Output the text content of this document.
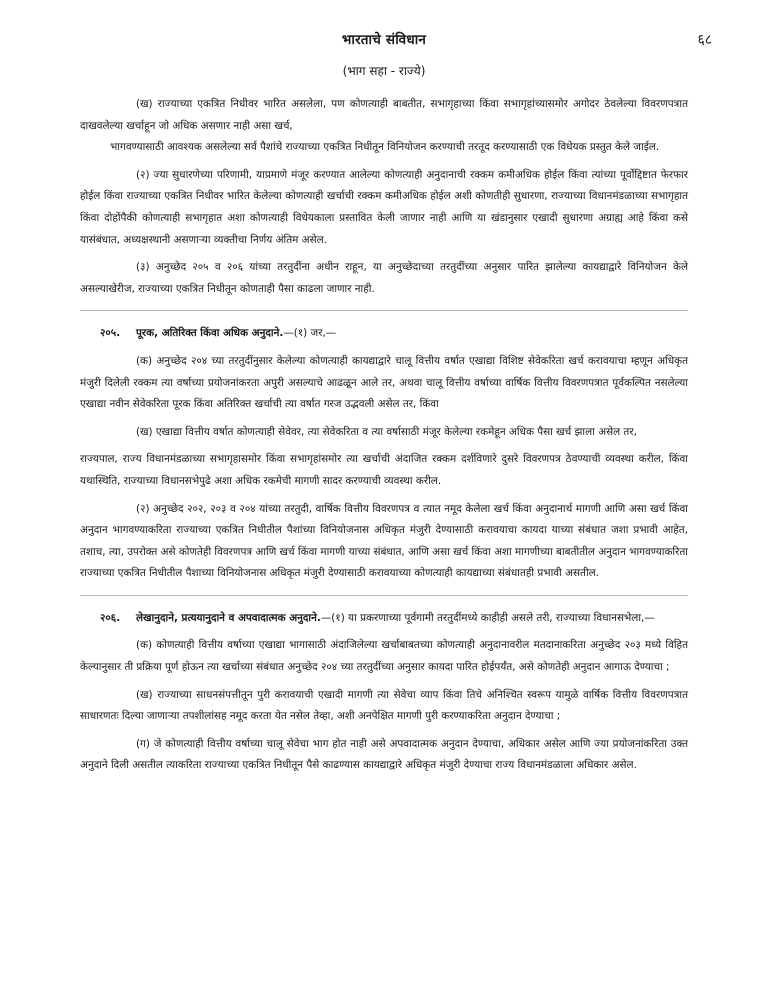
भारताचे संविधान	६८
(भाग सहा - राज्ये)

(ख) राज्याच्या एकत्रित निधीवर भारित असलेला, पण कोणत्याही बाबतीत, सभागृहाच्या किंवा सभागृहांच्यासमोर अगोदर ठेवलेल्या विवरणपत्रात दाखवलेल्या खर्चाहून जो अधिक असणार नाही असा खर्च,

भागवण्यासाठी आवश्यक असलेल्या सर्व पैशांचे राज्याच्या एकत्रित निधीतून विनियोजन करण्याची तरतूद करण्यासाठी एक विधेयक प्रस्तुत केले जाईल.

(२) ज्या सुधारणेच्या परिणामी, याप्रमाणे मंजूर करण्यात आलेल्या कोणत्याही अनुदानाची रक्कम कमीअधिक होईल किंवा त्यांच्या पूर्वोद्दिष्टात फेरफार होईल किंवा राज्याच्या एकत्रित निधीवर भारित केलेल्या कोणत्याही खर्चाची रक्कम कमीअधिक होईल अशी कोणतीही सुधारणा, राज्याच्या विधानमंडळाच्या सभागृहात किंवा दोहोंपैकी कोणत्याही सभागृहात अशा कोणत्याही विधेयकाला प्रस्तावित केली जाणार नाही आणि या खंडानुसार एखादी सुधारणा अग्राह्य आहे किंवा कसे यासंबंधात, अध्यक्षस्थानी असणाऱ्या व्यक्तीचा निर्णय अंतिम असेल.

(३) अनुच्छेद २०५ व २०६ यांच्या तरतुदींना अधीन राहून, या अनुच्छेदाच्या तरतुदींच्या अनुसार पारित झालेल्या कायद्याद्वारे विनियोजन केले असल्याखेरीज, राज्याच्या एकत्रित निधीतून कोणताही पैसा काढला जाणार नाही.

२०५. पूरक, अतिरिक्त किंवा अधिक अनुदाने.—(१) जर,—

(क) अनुच्छेद २०४ च्या तरतुदींनुसार केलेल्या कोणत्याही कायद्याद्वारे चालू वित्तीय वर्षात एखाद्या विशिष्ट सेवेकरिता खर्च करावयाचा म्हणून अधिकृत मंजुरी दिलेली रक्कम त्या वर्षाच्या प्रयोजनांकरता अपुरी असल्याचे आढळून आले तर, अथवा चालू वित्तीय वर्षाच्या वार्षिक वित्तीय विवरणपत्रात पूर्वकल्पित नसलेल्या एखाद्या नवीन सेवेकरिता पूरक किंवा अतिरिक्त खर्चाची त्या वर्षात गरज उद्भवली असेल तर, किंवा

(ख) एखाद्या वित्तीय वर्षात कोणत्याही सेवेवर, त्या सेवेकरिता व त्या वर्षासाठी मंजूर केलेल्या रकमेहून अधिक पैसा खर्च झाला असेल तर,

राज्यपाल, राज्य विधानमंडळाच्या सभागृहासमोर किंवा सभागृहांसमोर त्या खर्चाची अंदाजित रक्कम दर्शविणारे दुसरे विवरणपत्र ठेवण्याची व्यवस्था करील, किंवा यथास्थिति, राज्याच्या विधानसभेपुढे अशा अधिक रकमेची मागणी सादर करण्याची व्यवस्था करील.

(२) अनुच्छेद २०२, २०३ व २०४ यांच्या तरतुदी, वार्षिक वित्तीय विवरणपत्र व त्यात नमूद केलेला खर्च किंवा अनुदानार्थ मागणी आणि असा खर्च किंवा अनुदान भागवण्याकरिता राज्याच्या एकत्रित निधीतील पैशांच्या विनियोजनास अधिकृत मंजुरी देण्यासाठी करावयाचा कायदा याच्या संबंधात जशा प्रभावी आहेत, तशाच, त्या, उपरोक्त असे कोणतेही विवरणपत्र आणि खर्च किंवा मागणी याच्या संबंधात, आणि असा खर्च किंवा अशा मागणीच्या बाबतीतील अनुदान भागवण्याकरिता राज्याच्या एकत्रित निधीतील पैशाच्या विनियोजनास अधिकृत मंजुरी देण्यासाठी करावयाच्या कोणत्याही कायद्याच्या संबंधातही प्रभावी असतील.

२०६. लेखानुदाने, प्रत्ययानुदाने व अपवादात्मक अनुदाने.—(१) या प्रकरणाच्या पूर्वगामी तरतुदींमध्ये काहीही असले तरी, राज्याच्या विधानसभेला,—

(क) कोणत्याही वित्तीय वर्षाच्या एखाद्या भागासाठी अंदाजिलेल्या खर्चाबाबतच्या कोणत्याही अनुदानावरील मतदानाकरिता अनुच्छेद २०३ मध्ये विहित केल्यानुसार ती प्रक्रिया पूर्ण होऊन त्या खर्चाच्या संबंधात अनुच्छेद २०४ च्या तरतुदींच्या अनुसार कायदा पारित होईपर्यंत, असे कोणतेही अनुदान आगाऊ देण्याचा ;

(ख) राज्याच्या साधनसंपत्तीतून पुरी करावयाची एखादी मागणी त्या सेवेचा व्याप किंवा तिचे अनिश्चित स्वरूप यामुळे वार्षिक वित्तीय विवरणपत्रात साधारणतः दिल्या जाणाऱ्या तपशीलांसह नमूद करता येत नसेल तेव्हा, अशी अनपेक्षित मागणी पुरी करण्याकरिता अनुदान देण्याचा ;

(ग) जे कोणत्याही वित्तीय वर्षाच्या चालू सेवेचा भाग होत नाही असे अपवादात्मक अनुदान देण्याचा, अधिकार असेल आणि ज्या प्रयोजनांकरिता उक्त अनुदाने दिली असतील त्याकरिता राज्याच्या एकत्रित निधीतून पैसे काढण्यास कायद्याद्वारे अधिकृत मंजुरी देण्याचा राज्य विधानमंडळाला अधिकार असेल.
